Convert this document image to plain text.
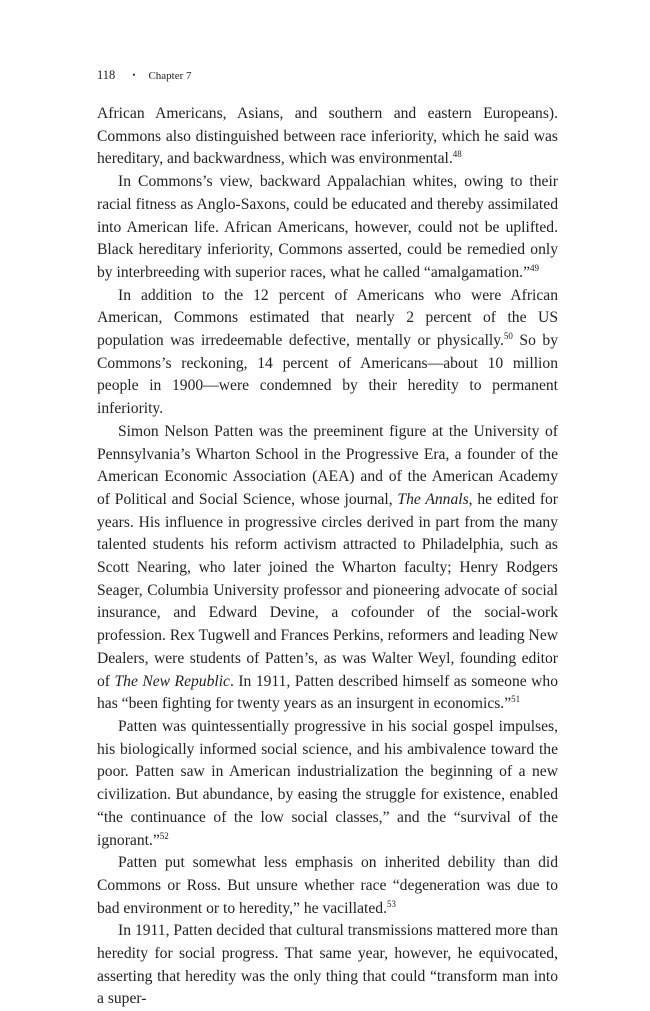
118 • Chapter 7

African Americans, Asians, and southern and eastern Europeans). Commons also distinguished between race inferiority, which he said was hereditary, and backwardness, which was environmental.$^{48}$

In Commons’s view, backward Appalachian whites, owing to their racial fitness as Anglo-Saxons, could be educated and thereby assimilated into American life. African Americans, however, could not be uplifted. Black hereditary inferiority, Commons asserted, could be remedied only by interbreeding with superior races, what he called “amalgamation.”$^{49}$

In addition to the 12 percent of Americans who were African American, Commons estimated that nearly 2 percent of the US population was irredeemable defective, mentally or physically.$^{50}$ So by Commons’s reckoning, 14 percent of Americans—about 10 million people in 1900—were condemned by their heredity to permanent inferiority.

Simon Nelson Patten was the preeminent figure at the University of Pennsylvania’s Wharton School in the Progressive Era, a founder of the American Economic Association (AEA) and of the American Academy of Political and Social Science, whose journal, The Annals, he edited for years. His influence in progressive circles derived in part from the many talented students his reform activism attracted to Philadelphia, such as Scott Nearing, who later joined the Wharton faculty; Henry Rodgers Seager, Columbia University professor and pioneering advocate of social insurance, and Edward Devine, a cofounder of the social-work profession. Rex Tugwell and Frances Perkins, reformers and leading New Dealers, were students of Patten’s, as was Walter Weyl, founding editor of The New Republic. In 1911, Patten described himself as someone who has “been fighting for twenty years as an insurgent in economics.”$^{51}$

Patten was quintessentially progressive in his social gospel impulses, his biologically informed social science, and his ambivalence toward the poor. Patten saw in American industrialization the beginning of a new civilization. But abundance, by easing the struggle for existence, enabled “the continuance of the low social classes,” and the “survival of the ignorant.”$^{52}$

Patten put somewhat less emphasis on inherited debility than did Commons or Ross. But unsure whether race “degeneration was due to bad environment or to heredity,” he vacillated.$^{53}$

In 1911, Patten decided that cultural transmissions mattered more than heredity for social progress. That same year, however, he equivocated, asserting that heredity was the only thing that could “transform man into a super-
